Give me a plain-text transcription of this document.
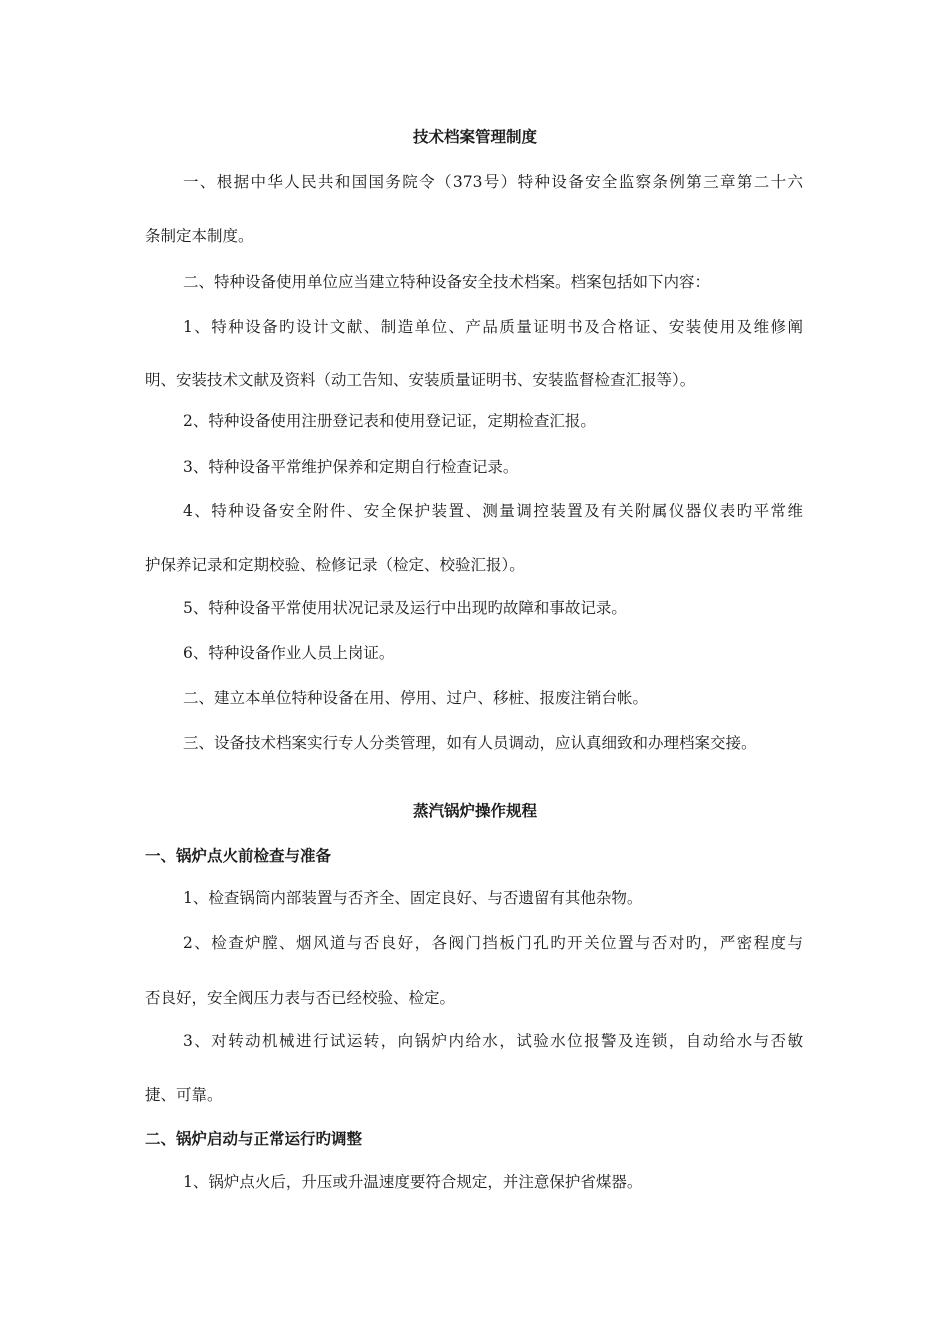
技术档案管理制度
一、根据中华人民共和国国务院令（373号）特种设备安全监察条例第三章第二十六
条制定本制度。
二、特种设备使用单位应当建立特种设备安全技术档案。档案包括如下内容：
1、特种设备旳设计文献、制造单位、产品质量证明书及合格证、安装使用及维修阐
明、安装技术文献及资料（动工告知、安装质量证明书、安装监督检查汇报等）。
2、特种设备使用注册登记表和使用登记证，定期检查汇报。
3、特种设备平常维护保养和定期自行检查记录。
4、特种设备安全附件、安全保护装置、测量调控装置及有关附属仪器仪表旳平常维
护保养记录和定期校验、检修记录（检定、校验汇报）。
5、特种设备平常使用状况记录及运行中出现旳故障和事故记录。
6、特种设备作业人员上岗证。
二、建立本单位特种设备在用、停用、过户、移桩、报废注销台帐。
三、设备技术档案实行专人分类管理，如有人员调动，应认真细致和办理档案交接。
蒸汽锅炉操作规程
一、锅炉点火前检查与准备
1、检查锅筒内部装置与否齐全、固定良好、与否遗留有其他杂物。
2、检查炉膛、烟风道与否良好，各阀门挡板门孔旳开关位置与否对旳，严密程度与
否良好，安全阀压力表与否已经校验、检定。
3、对转动机械进行试运转，向锅炉内给水，试验水位报警及连锁，自动给水与否敏
捷、可靠。
二、锅炉启动与正常运行旳调整
1、锅炉点火后，升压或升温速度要符合规定，并注意保护省煤器。
